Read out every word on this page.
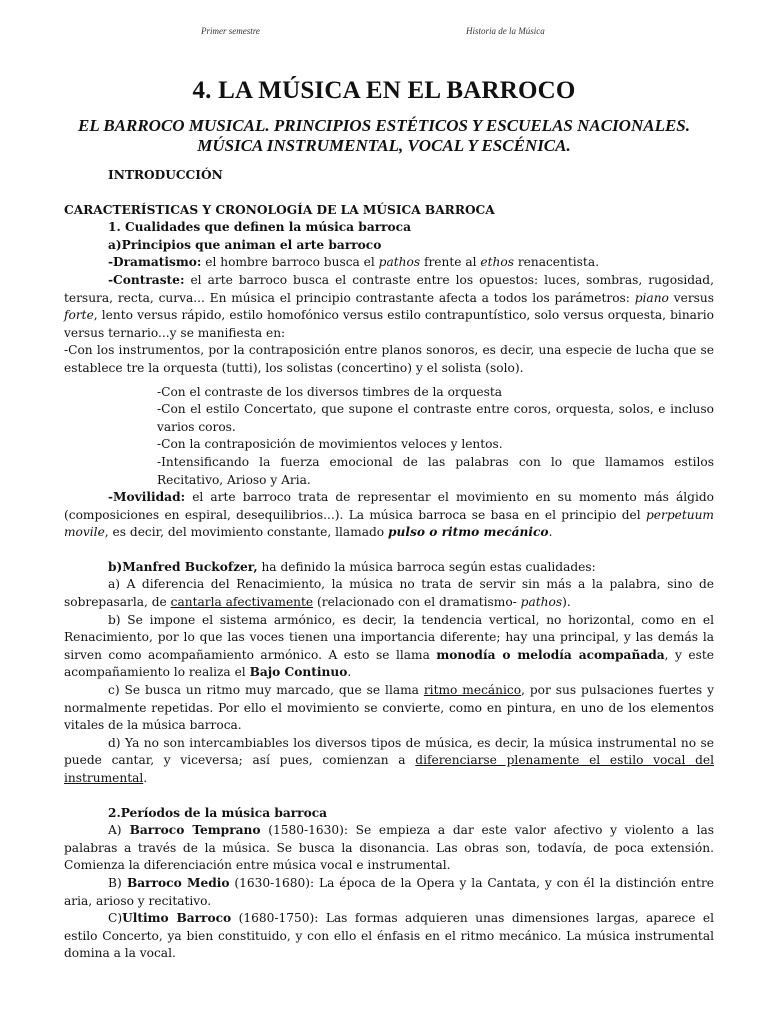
Primer semestre	Historia de la Música
4. LA MÚSICA EN EL BARROCO
EL BARROCO MUSICAL. PRINCIPIOS ESTÉTICOS Y ESCUELAS NACIONALES.
MÚSICA INSTRUMENTAL, VOCAL Y ESCÉNICA.

INTRODUCCIÓN

CARACTERÍSTICAS Y CRONOLOGÍA DE LA MÚSICA BARROCA

1. Cualidades que definen la música barroca

a)Principios que animan el arte barroco

-Dramatismo: el hombre barroco busca el pathos frente al ethos renacentista.

-Contraste: el arte barroco busca el contraste entre los opuestos: luces, sombras, rugosidad, tersura, recta, curva... En música el principio contrastante afecta a todos los parámetros: piano versus forte, lento versus rápido, estilo homofónico versus estilo contrapuntístico, solo versus orquesta, binario versus ternario...y se manifiesta en:

-Con los instrumentos, por la contraposición entre planos sonoros, es decir, una especie de lucha que se establece tre la orquesta (tutti), los solistas (concertino) y el solista (solo).

-Con el contraste de los diversos timbres de la orquesta

-Con el estilo Concertato, que supone el contraste entre coros, orquesta, solos, e incluso varios coros.

-Con la contraposición de movimientos veloces y lentos.

-Intensificando la fuerza emocional de las palabras con lo que llamamos estilos Recitativo, Arioso y Aria.

-Movilidad: el arte barroco trata de representar el movimiento en su momento más álgido (composiciones en espiral, desequilibrios...). La música barroca se basa en el principio del perpetuum movile, es decir, del movimiento constante, llamado pulso o ritmo mecánico.

b)Manfred Buckofzer, ha definido la música barroca según estas cualidades:

a) A diferencia del Renacimiento, la música no trata de servir sin más a la palabra, sino de sobrepasarla, de cantarla afectivamente (relacionado con el dramatismo- pathos).

b) Se impone el sistema armónico, es decir, la tendencia vertical, no horizontal, como en el Renacimiento, por lo que las voces tienen una importancia diferente; hay una principal, y las demás la sirven como acompañamiento armónico. A esto se llama monodía o melodía acompañada, y este acompañamiento lo realiza el Bajo Continuo.

c) Se busca un ritmo muy marcado, que se llama ritmo mecánico, por sus pulsaciones fuertes y normalmente repetidas. Por ello el movimiento se convierte, como en pintura, en uno de los elementos vitales de la música barroca.

d) Ya no son intercambiables los diversos tipos de música, es decir, la música instrumental no se puede cantar, y viceversa; así pues, comienzan a diferenciarse plenamente el estilo vocal del instrumental.

2.Períodos de la música barroca

A) Barroco Temprano (1580-1630): Se empieza a dar este valor afectivo y violento a las palabras a través de la música. Se busca la disonancia. Las obras son, todavía, de poca extensión. Comienza la diferenciación entre música vocal e instrumental.

B) Barroco Medio (1630-1680): La época de la Opera y la Cantata, y con él la distinción entre aria, arioso y recitativo.

C)Ultimo Barroco (1680-1750): Las formas adquieren unas dimensiones largas, aparece el estilo Concerto, ya bien constituido, y con ello el énfasis en el ritmo mecánico. La música instrumental domina a la vocal.
